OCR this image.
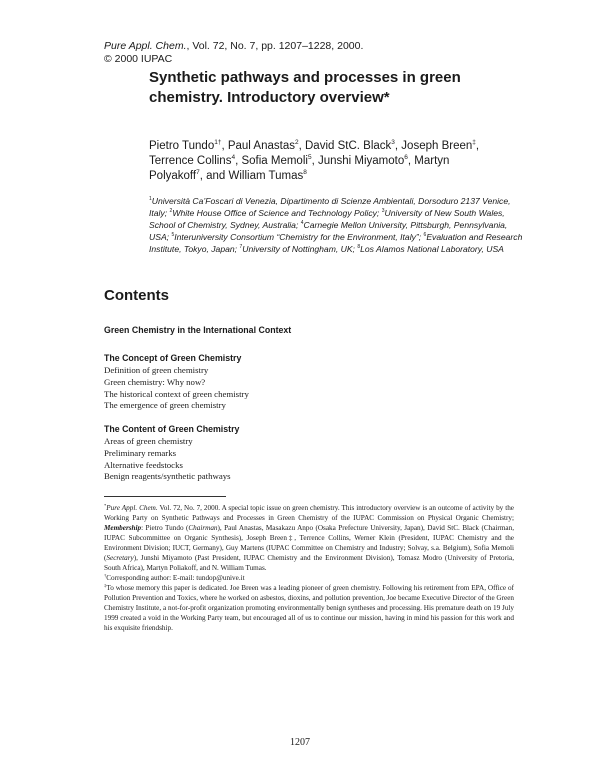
Pure Appl. Chem., Vol. 72, No. 7, pp. 1207–1228, 2000.
© 2000 IUPAC
Synthetic pathways and processes in green chemistry. Introductory overview*
Pietro Tundo$^{1\dagger}$, Paul Anastas$^2$, David StC. Black$^3$, Joseph Breen‡, Terrence Collins$^4$, Sofia Memoli$^5$, Junshi Miyamoto$^6$, Martyn Polyakoff$^7$, and William Tumas$^8$
$^1$Università Ca’Foscari di Venezia, Dipartimento di Scienze Ambientali, Dorsoduro 2137 Venice, Italy; $^2$White House Office of Science and Technology Policy; $^3$University of New South Wales, School of Chemistry, Sydney, Australia; $^4$Carnegie Mellon University, Pittsburgh, Pennsylvania, USA; $^5$Interuniversity Consortium “Chemistry for the Environment, Italy”; $^6$Evaluation and Research Institute, Tokyo, Japan; $^7$University of Nottingham, UK; $^8$Los Alamos National Laboratory, USA
Contents
Green Chemistry in the International Context
The Concept of Green Chemistry
Definition of green chemistry
Green chemistry: Why now?
The historical context of green chemistry
The emergence of green chemistry
The Content of Green Chemistry
Areas of green chemistry
Preliminary remarks
Alternative feedstocks
Benign reagents/synthetic pathways

*Pure Appl. Chem. Vol. 72, No. 7, 2000. A special topic issue on green chemistry. This introductory overview is an outcome of activity by the Working Party on Synthetic Pathways and Processes in Green Chemistry of the IUPAC Commission on Physical Organic Chemistry; Membership: Pietro Tundo (Chairman), Paul Anastas, Masakazu Anpo (Osaka Prefecture University, Japan), David StC. Black (Chairman, IUPAC Subcommittee on Organic Synthesis), Joseph Breen‡, Terrence Collins, Werner Klein (President, IUPAC Chemistry and the Environment Division; IUCT, Germany), Guy Martens (IUPAC Committee on Chemistry and Industry; Solvay, s.a. Belgium), Sofia Memoli (Secretary), Junshi Miyamoto (Past President, IUPAC Chemistry and the Environment Division), Tomasz Modro (University of Pretoria, South Africa), Martyn Poliakoff, and N. William Tumas.

†Corresponding author: E-mail: tundop@unive.it

‡To whose memory this paper is dedicated. Joe Breen was a leading pioneer of green chemistry. Following his retirement from EPA, Office of Pollution Prevention and Toxics, where he worked on asbestos, dioxins, and pollution prevention, Joe became Executive Director of the Green Chemistry Institute, a not-for-profit organization promoting environmentally benign syntheses and processing. His premature death on 19 July 1999 created a void in the Working Party team, but encouraged all of us to continue our mission, having in mind his passion for this work and his exquisite friendship.

1207
